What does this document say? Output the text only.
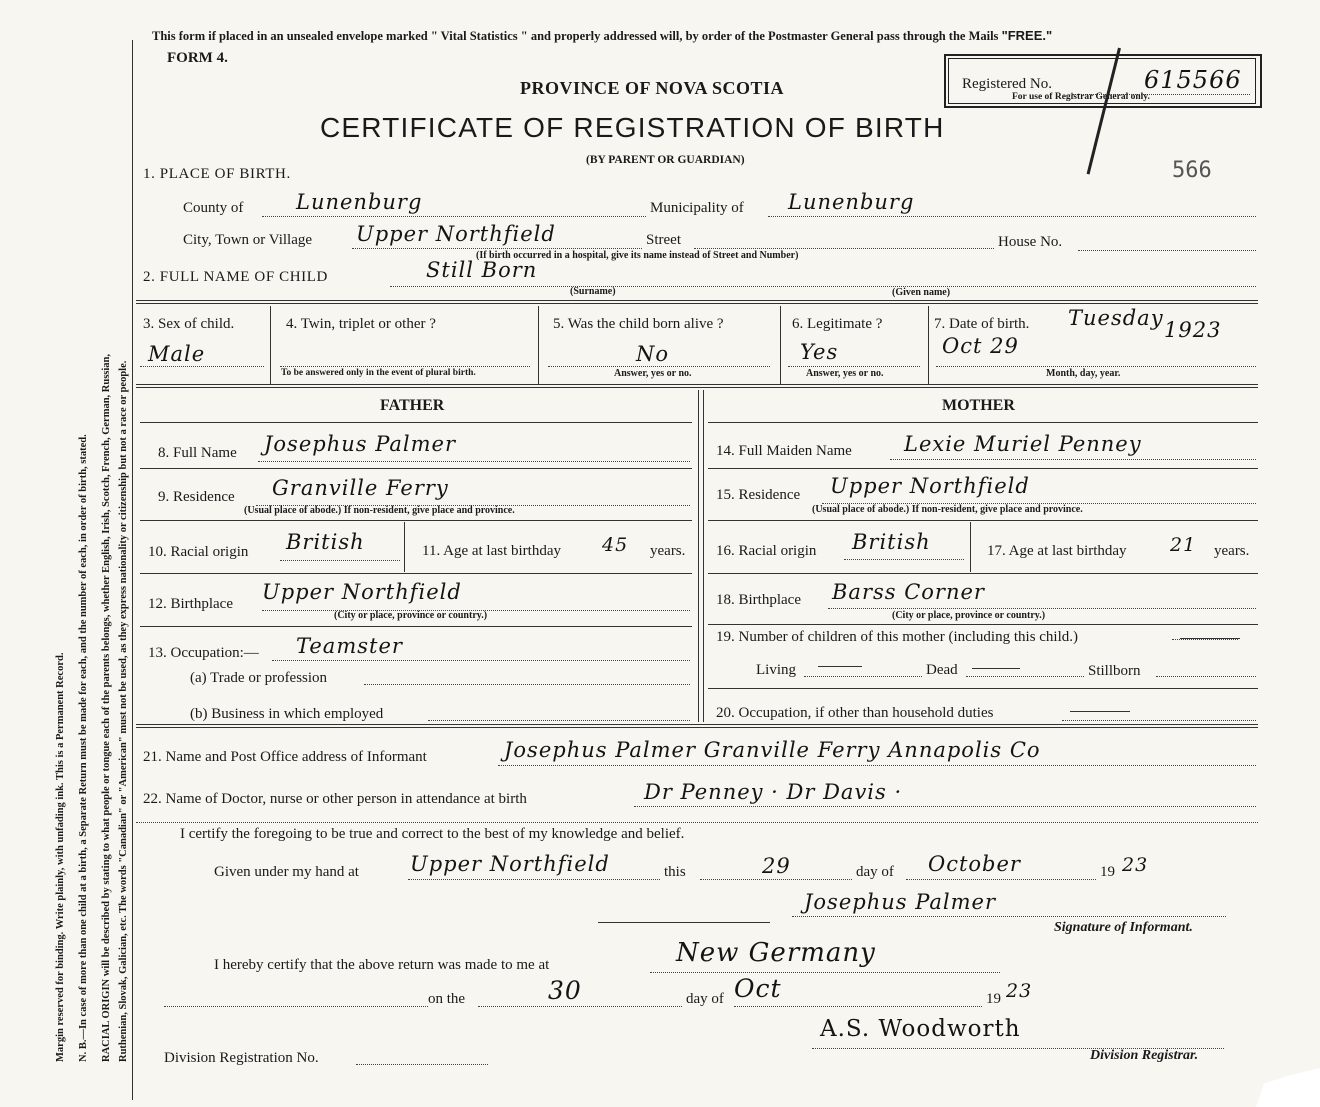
Margin reserved for binding. Write plainly, with unfading ink. This is a Permanent Record. N. B.—In case of more than one child at a birth, a Separate Return must be made for each, and the number of each, in order of birth, stated. RACIAL ORIGIN will be described by stating to what people or tongue each of the parents belongs, whether English, Irish, Scotch, French, German, Russian, Ruthenian, Slovak, Galician, etc. The words "Canadian" or "American" must not be used, as they express nationality or citizenship but not a race or people.
This form if placed in an unsealed envelope marked " Vital Statistics " and properly addressed will, by order of the Postmaster General pass through the Mails "FREE."
FORM 4.
PROVINCE OF NOVA SCOTIA
CERTIFICATE OF REGISTRATION OF BIRTH
(BY PARENT OR GUARDIAN)	566
Registered No.	615566
For use of Registrar General only.
1. PLACE OF BIRTH.
County of	Lunenburg	Municipality of Lunenburg
City, Town or Village Upper Northfield	Street
(If birth occurred in a hospital, give its name instead of Street and Number)
House No.
2. FULL NAME OF CHILD	Still Born
(Surname)	(Given name)
3. Sex of child.
Male
4. Twin, triplet or other ?
To be answered only in the event of plural birth.
5. Was the child born alive ?
No
Answer, yes or no.
6. Legitimate ?
Yes
Answer, yes or no.
7. Date of birth. Tuesday 1923
Oct 29
Month, day, year.
FATHER
8. Full Name Josephus Palmer
9. Residence Granville Ferry
(Usual place of abode.) If non-resident, give place and province.
10. Racial origin British	11. Age at last birthday 45 years.
12. Birthplace Upper Northfield
(City or place, province or country.)
13. Occupation:— Teamster
(a) Trade or profession
(b) Business in which employed
MOTHER
14. Full Maiden Name Lexie Muriel Penney
15. Residence Upper Northfield
(Usual place of abode.) If non-resident, give place and province.
16. Racial origin British	17. Age at last birthday 21 years.
18. Birthplace Barss Corner
(City or place, province or country.)
19. Number of children of this mother (including this child.)
Living	Dead	Stillborn
20. Occupation, if other than household duties
21. Name and Post Office address of Informant	Josephus Palmer Granville Ferry Annapolis Co
22. Name of Doctor, nurse or other person in attendance at birth	Dr Penney · Dr Davis ·
I certify the foregoing to be true and correct to the best of my knowledge and belief.
Given under my hand at Upper Northfield	this	29	day of October	19 23
Josephus Palmer
Signature of Informant.
I hereby certify that the above return was made to me at	New Germany
on the	30	day of Oct	19 23
A.S. Woodworth
Division Registrar.
Division Registration No.
